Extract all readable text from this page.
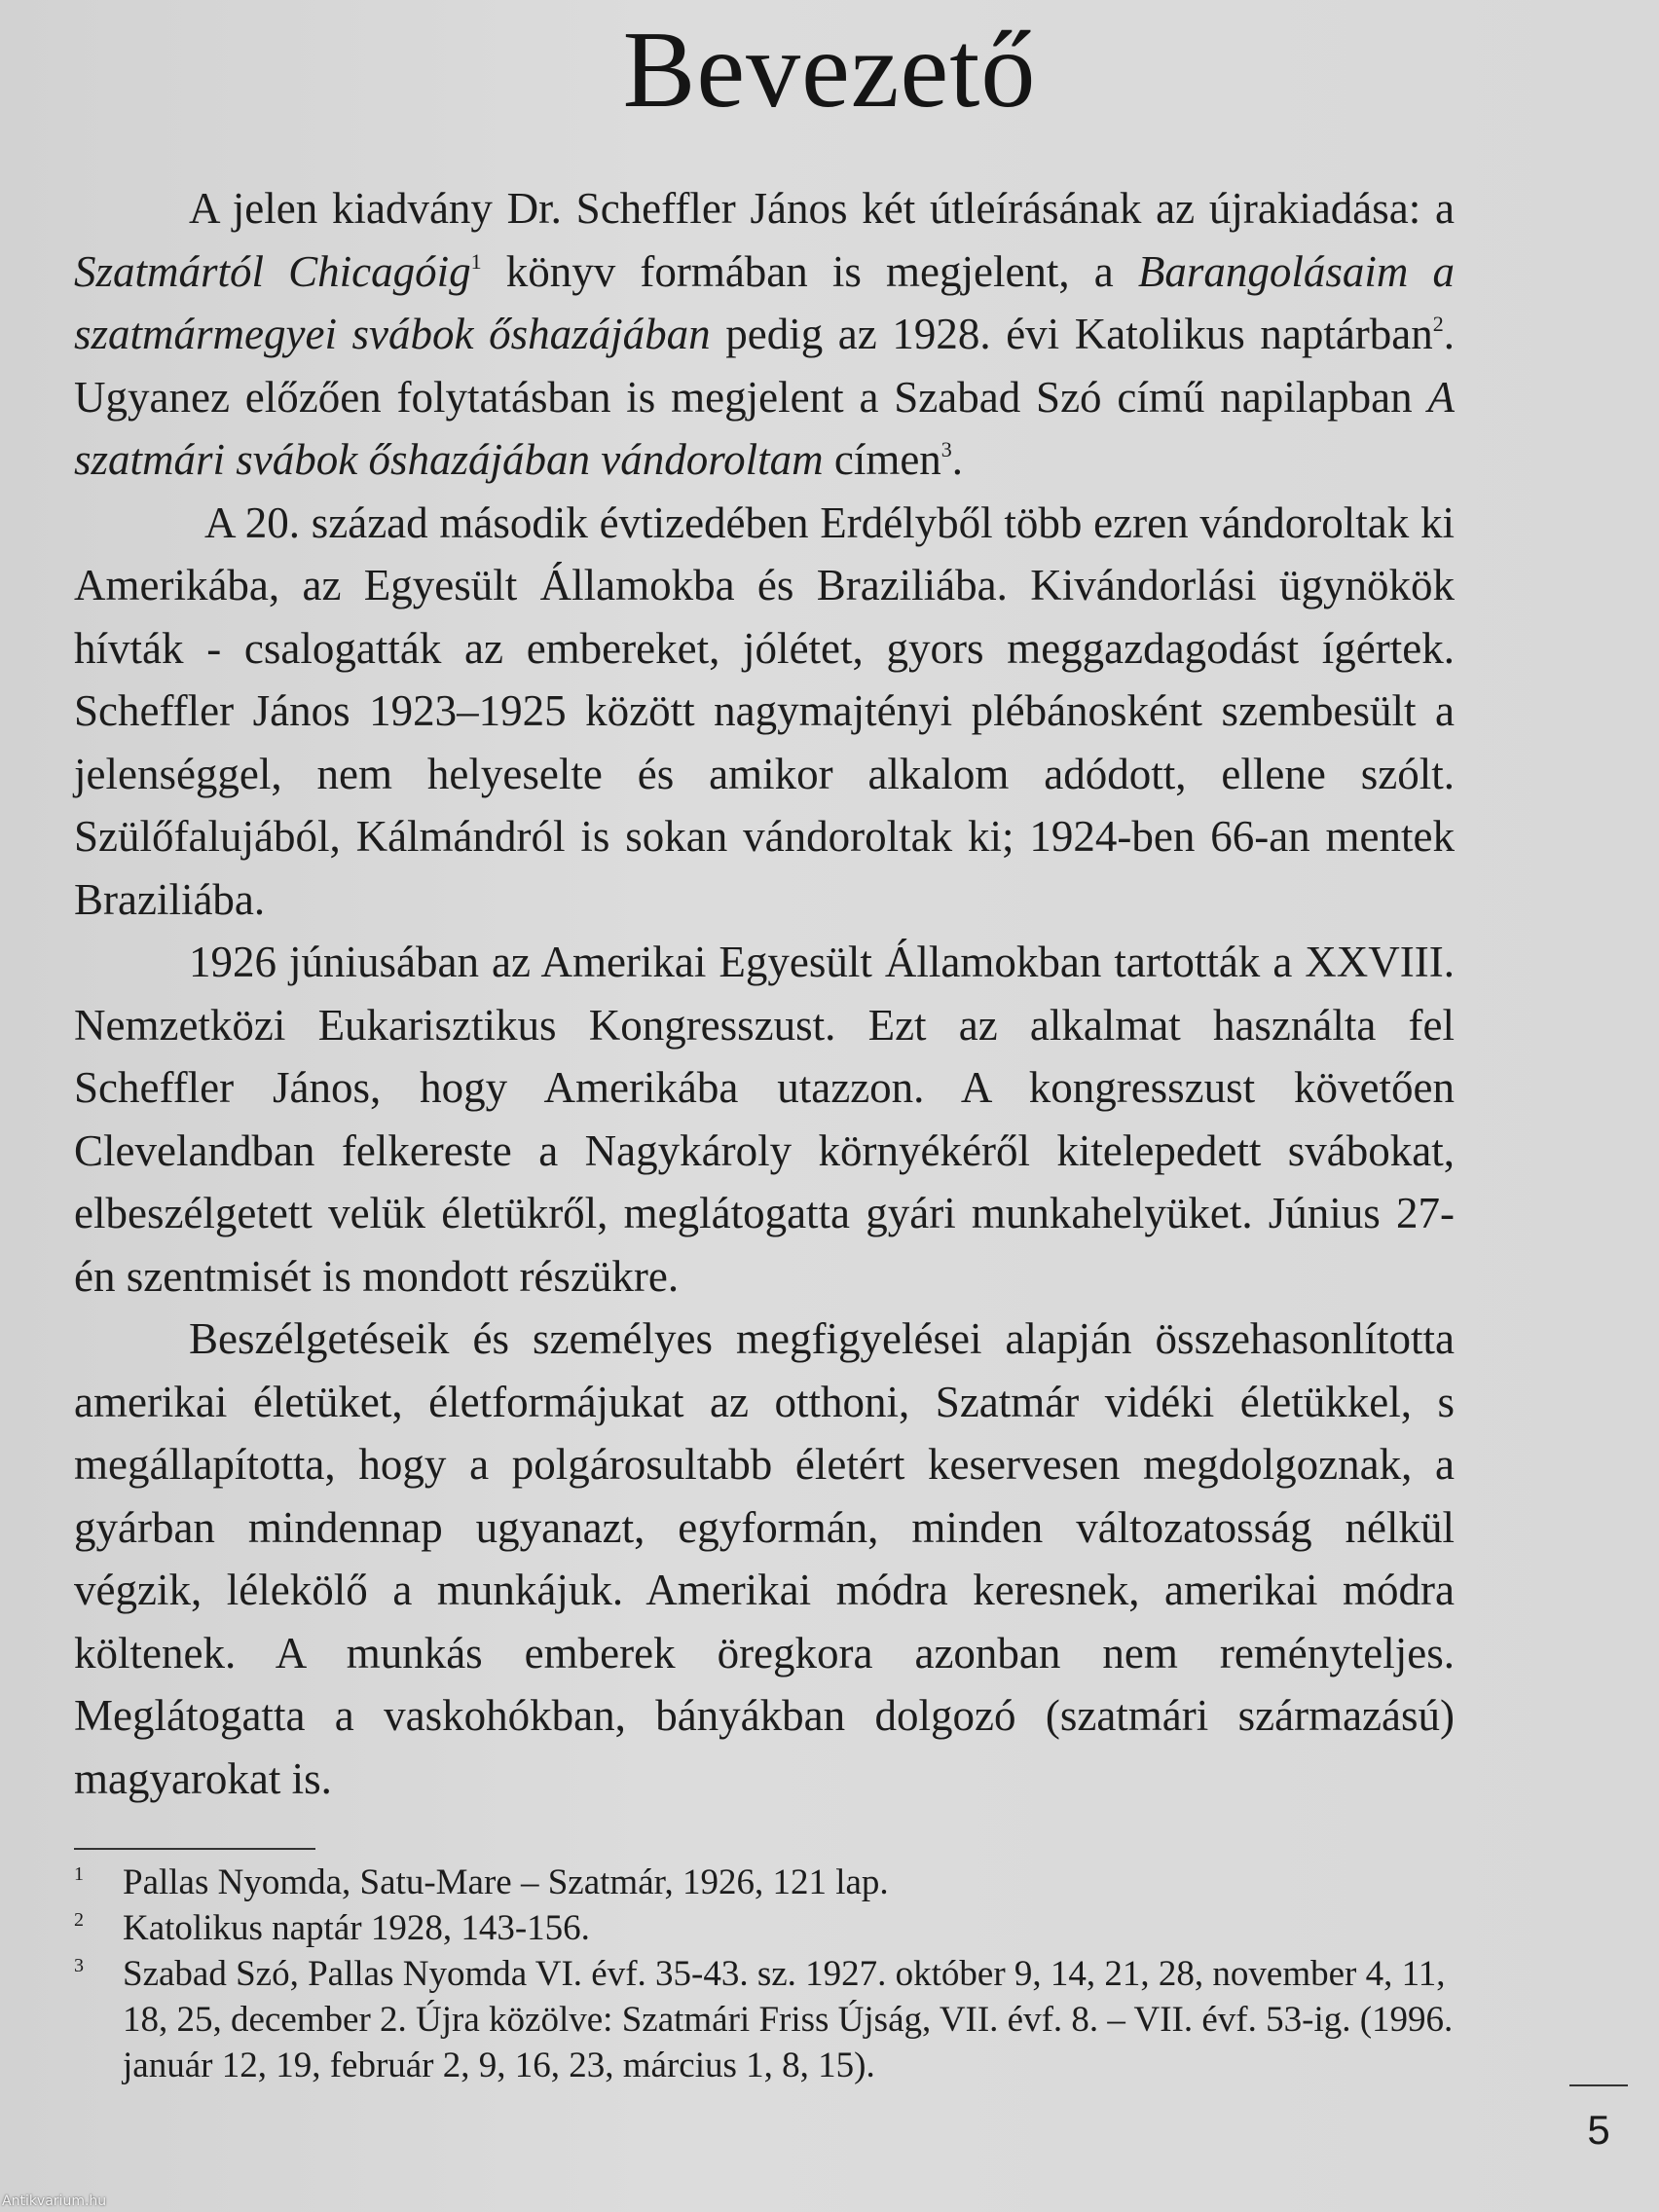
Bevezető

A jelen kiadvány Dr. Scheffler János két útleírásának az újrakiadása: a Szatmártól Chicagóig$^1$ könyv formában is megjelent, a Barangolásaim a szatmármegyei svábok őshazájában pedig az 1928. évi Katolikus naptárban$^2$. Ugyanez előzően folytatásban is megjelent a Szabad Szó című napilapban A szatmári svábok őshazájában vándoroltam címen$^3$.

A 20. század második évtizedében Erdélyből több ezren vándoroltak ki Amerikába, az Egyesült Államokba és Braziliába. Kivándorlási ügynökök hívták - csalogatták az embereket, jólétet, gyors meggazdagodást ígértek. Scheffler János 1923–1925 között nagymajtényi plébánosként szembesült a jelenséggel, nem helyeselte és amikor alkalom adódott, ellene szólt. Szülőfalujából, Kálmándról is sokan vándoroltak ki; 1924-ben 66-an mentek Braziliába.

1926 júniusában az Amerikai Egyesült Államokban tartották a XXVIII. Nemzetközi Eukarisztikus Kongresszust. Ezt az alkalmat használta fel Scheffler János, hogy Amerikába utazzon. A kongresszust követően Clevelandban felkereste a Nagykároly környékéről kitelepedett svábokat, elbeszélgetett velük életükről, meglátogatta gyári munkahelyüket. Június 27-én szentmisét is mondott részükre.

Beszélgetéseik és személyes megfigyelései alapján összehasonlította amerikai életüket, életformájukat az otthoni, Szatmár vidéki életükkel, s megállapította, hogy a polgárosultabb életért keservesen megdolgoznak, a gyárban mindennap ugyanazt, egyformán, minden változatosság nélkül végzik, lélekölő a munkájuk. Amerikai módra keresnek, amerikai módra költenek. A munkás emberek öregkora azonban nem reményteljes. Meglátogatta a vaskohókban, bányákban dolgozó (szatmári származású) magyarokat is.

1 Pallas Nyomda, Satu-Mare – Szatmár, 1926, 121 lap.
2 Katolikus naptár 1928, 143-156.
3 Szabad Szó, Pallas Nyomda VI. évf. 35-43. sz. 1927. október 9, 14, 21, 28, november 4, 11, 18, 25, december 2. Újra közölve: Szatmári Friss Újság, VII. évf. 8. – VII. évf. 53-ig. (1996. január 12, 19, február 2, 9, 16, 23, március 1, 8, 15).
5
Antikvarium.hu
